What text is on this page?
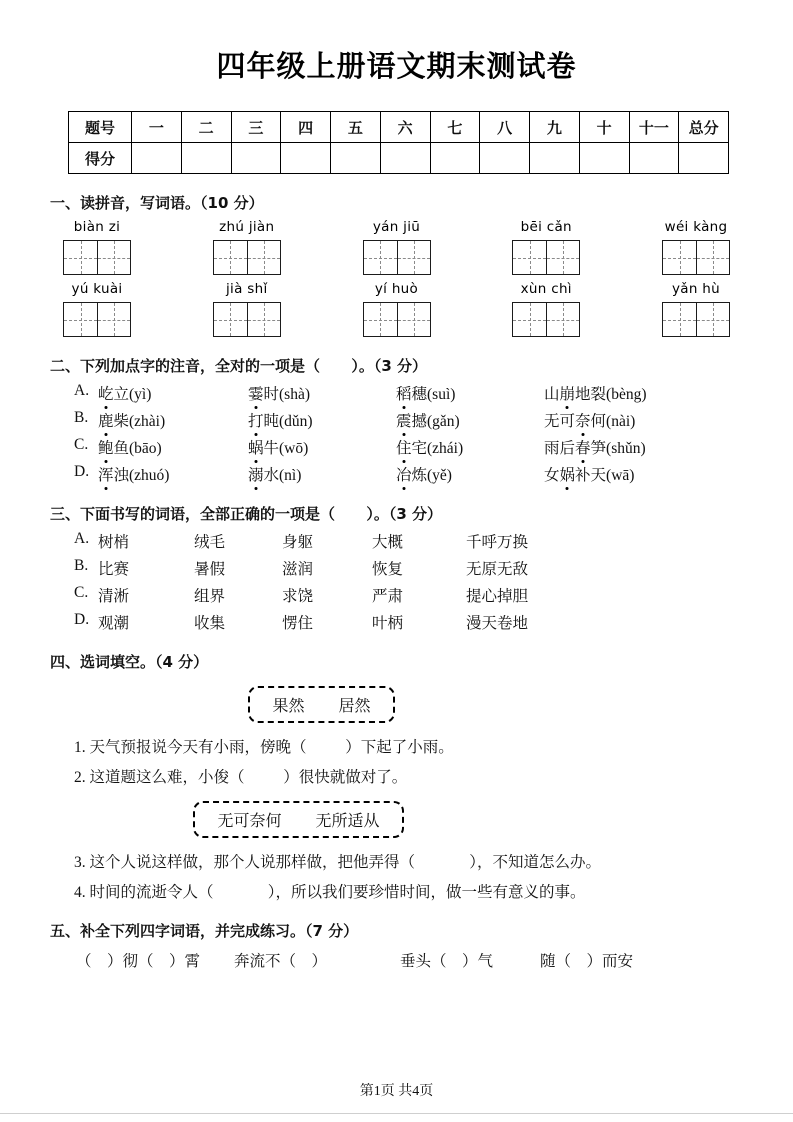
四年级上册语文期末测试卷
题号	一	二	三	四	五	六	七	八	九	十	十一	总分
得分												
一、读拼音，写词语。（10 分）
biàn zi	zhú jiàn	yán jiū	bēi cǎn	wéi kàng
yú kuài	jià shǐ	yí huò	xùn chì	yǎn hù
二、下列加点字的注音，全对的一项是（      ）。（3 分）
A. 屹立(yì)	霎时(shà)	稻穗(suì)	山崩地裂(bèng)
B. 鹿柴(zhài)	打盹(dǔn)	震撼(gǎn)	无可奈何(nài)
C. 鲍鱼(bāo)	蜗牛(wō)	住宅(zhái)	雨后春笋(shǔn)
D. 浑浊(zhuó)	溺水(nì)	冶炼(yě)	女娲补天(wā)
三、下面书写的词语，全部正确的一项是（      ）。（3 分）
A. 树梢	绒毛	身躯	大概	千呼万换
B. 比赛	暑假	滋润	恢复	无原无敌
C. 清淅	组界	求饶	严肃	提心掉胆
D. 观潮	收集	愣住	叶柄	漫天卷地
四、选词填空。（4 分）
果然 居然
1. 天气预报说今天有小雨，傍晚（          ）下起了小雨。
2. 这道题这么难，小俊（          ）很快就做对了。
无可奈何 无所适从
3. 这个人说这样做，那个人说那样做，把他弄得（              ），不知道怎么办。
4. 时间的流逝令人（              ），所以我们要珍惜时间，做一些有意义的事。
五、补全下列四字词语，并完成练习。（7 分）
（    ）彻（    ）霄	奔流不（    ）	垂头（    ）气	随（    ）而安
第1页 共4页
